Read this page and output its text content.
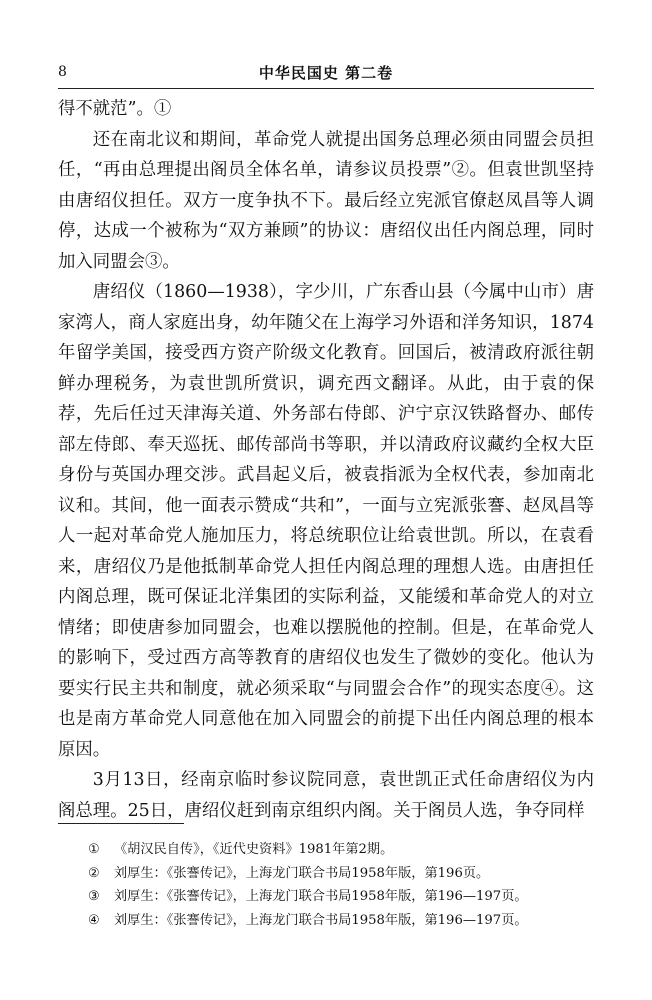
8	中华民国史 第二卷

得不就范”。①

还在南北议和期间，革命党人就提出国务总理必须由同盟会员担任，“再由总理提出阁员全体名单，请参议员投票”②。但袁世凯坚持由唐绍仪担任。双方一度争执不下。最后经立宪派官僚赵凤昌等人调停，达成一个被称为“双方兼顾”的协议：唐绍仪出任内阁总理，同时加入同盟会③。

唐绍仪（1860—1938），字少川，广东香山县（今属中山市）唐家湾人，商人家庭出身，幼年随父在上海学习外语和洋务知识，1874年留学美国，接受西方资产阶级文化教育。回国后，被清政府派往朝鲜办理税务，为袁世凯所赏识，调充西文翻译。从此，由于袁的保荐，先后任过天津海关道、外务部右侍郎、沪宁京汉铁路督办、邮传部左侍郎、奉天巡抚、邮传部尚书等职，并以清政府议藏约全权大臣身份与英国办理交涉。武昌起义后，被袁指派为全权代表，参加南北议和。其间，他一面表示赞成“共和”，一面与立宪派张謇、赵凤昌等人一起对革命党人施加压力，将总统职位让给袁世凯。所以，在袁看来，唐绍仪乃是他抵制革命党人担任内阁总理的理想人选。由唐担任内阁总理，既可保证北洋集团的实际利益，又能缓和革命党人的对立情绪；即使唐参加同盟会，也难以摆脱他的控制。但是，在革命党人的影响下，受过西方高等教育的唐绍仪也发生了微妙的变化。他认为要实行民主共和制度，就必须采取“与同盟会合作”的现实态度④。这也是南方革命党人同意他在加入同盟会的前提下出任内阁总理的根本原因。

3月13日，经南京临时参议院同意，袁世凯正式任命唐绍仪为内阁总理。25日，唐绍仪赶到南京组织内阁。关于阁员人选，争夺同样

①	《胡汉民自传》，《近代史资料》1981年第2期。
②	刘厚生：《张謇传记》，上海龙门联合书局1958年版，第196页。
③	刘厚生：《张謇传记》，上海龙门联合书局1958年版，第196—197页。
④	刘厚生：《张謇传记》，上海龙门联合书局1958年版，第196—197页。
